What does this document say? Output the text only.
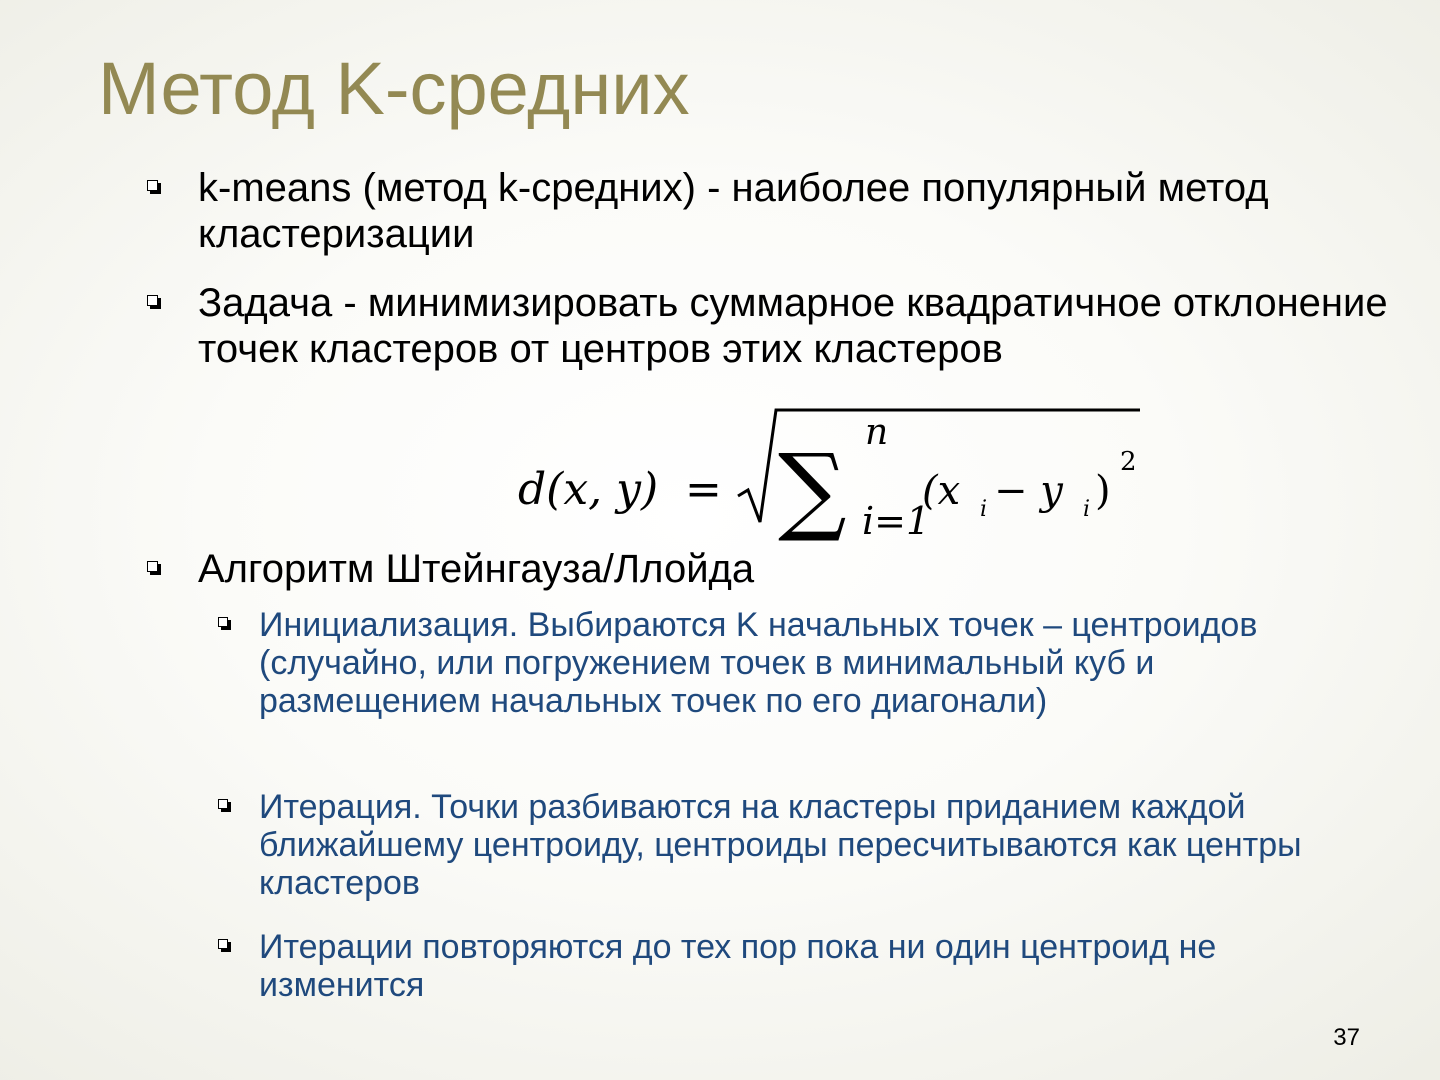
Метод K-средних
k-means (метод k-средних) - наиболее популярный метод кластеризации
Задача - минимизировать суммарное квадратичное отклонение точек кластеров от центров этих кластеров
Алгоритм Штейнгауза/Ллойда
Инициализация. Выбираются K начальных точек – центроидов (случайно, или погружением точек в минимальный куб и размещением начальных точек по его диагонали)
Итерация. Точки разбиваются на кластеры приданием каждой ближайшему центроиду, центроиды пересчитываются как центры кластеров
Итерации повторяются до тех пор пока ни один центроид не изменится
d(x, y) = ∑
n
i=1
(x i − y i )
2
37
